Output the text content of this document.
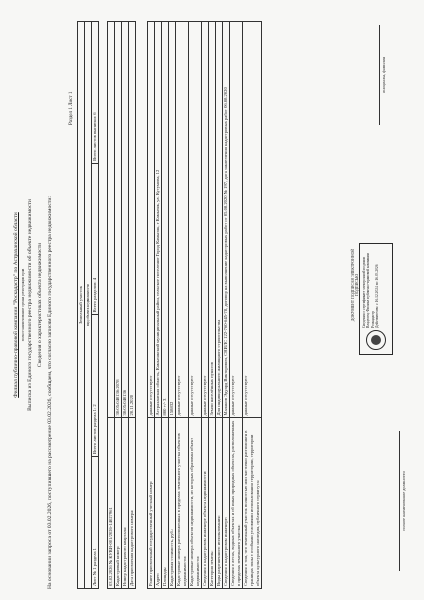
Филиал публично-правовой компании "Роскадастр" по Астраханской области полное наименование органа регистрации прав Выписка из Единого государственного реестра недвижимости об объекте недвижимости Сведения о характеристиках объекта недвижимости На основании запроса от 03.02.2026, поступившего на рассмотрение 03.02.2026, сообщаем, что согласно записям Единого государственного реестра недвижимости:
Раздел 1 Лист 1
Земельный участок
вид объекта недвижимости
Лист № 1 раздела 1	Всего листов раздела 1: 2	Всего разделов: 4	Всего листов выписки: 6
03.02.2026 № КУВИ-001/2026-14027961	
Кадастровый номер:	30:05:040136:2078
Номер кадастрового квартала:	30:05:040136
Дата присвоения кадастрового номера:	20.11.2020
Ранее присвоенный государственный учетный номер:	данные отсутствуют
Адрес:	Астраханская область, Камызякский муниципальный район, сельское поселение Город Камызяк, г Камызяк, ул. Кутумова, 12
Площадь:	800 +/- 3
Кадастровая стоимость, руб.:	158832
Кадастровые номера расположенных в пределах земельного участка объектов недвижимости:	данные отсутствуют
Кадастровые номера объектов недвижимости, из которых образован объект недвижимости:	данные отсутствуют
Сведения о кадастровом инженере объекта недвижимости:	данные отсутствуют
Категория земель:	Земли населённых пунктов
Виды разрешенного использования:	Для индивидуального жилищного строительства
Сведения о кадастровом инженере:	Маланов Эдуард Викторович, СНИЛС 122-760-645-78, договор на выполнение кадастровых работ от 05.08.2020 № 197, дата заключения кадастровых работ 06.08.2020
Сведения о лесах, водных объектах и об иных природных объектах, расположенных в пределах земельного участка:	данные отсутствуют
Сведения о том, что земельный участок полностью или частично расположен в границах зоны с особыми условиями использования территории, территории объекта культурного наследия, публичного сервитута:	данные отсутствуют
ДОКУМЕНТ ПОДПИСАН ЭЛЕКТРОННОЙ ПОДПИСЬЮ Сведения о сертификате электронной подписи Владелец: Филиал публично-правовой компании Роскадастр Действителен: с 16.12.2024 по 16.03.2026
инициалы, фамилия
полное наименование должности
